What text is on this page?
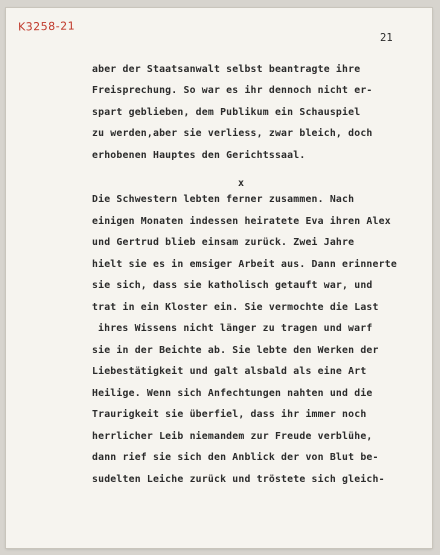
K3258-21
21

aber der Staatsanwalt selbst beantragte ihre

Freisprechung. So war es ihr dennoch nicht er-

spart geblieben, dem Publikum ein Schauspiel

zu werden,aber sie verliess, zwar bleich, doch

erhobenen Hauptes den Gerichtssaal.

x

Die Schwestern lebten ferner zusammen. Nach

einigen Monaten indessen heiratete Eva ihren Alex

und Gertrud blieb einsam zurück. Zwei Jahre

hielt sie es in emsiger Arbeit aus. Dann erinnerte

sie sich, dass sie katholisch getauft war, und

trat in ein Kloster ein. Sie vermochte die Last

ihres Wissens nicht länger zu tragen und warf

sie in der Beichte ab. Sie lebte den Werken der

Liebestätigkeit und galt alsbald als eine Art

Heilige. Wenn sich Anfechtungen nahten und die

Traurigkeit sie überfiel, dass ihr immer noch

herrlicher Leib niemandem zur Freude verblühe,

dann rief sie sich den Anblick der von Blut be-

sudelten Leiche zurück und tröstete sich gleich-
